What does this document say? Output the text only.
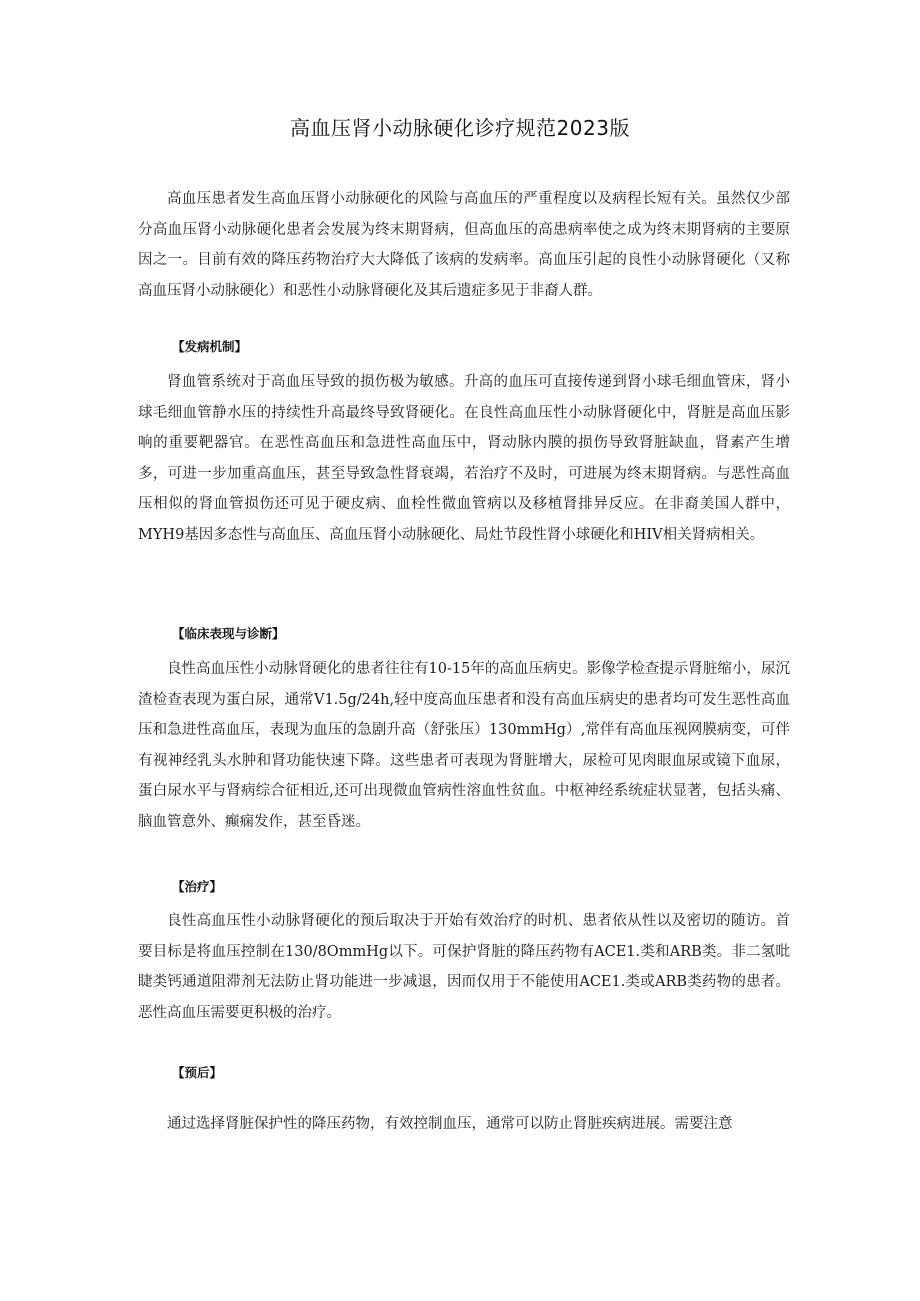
高血压肾小动脉硬化诊疗规范2023版

高血压患者发生高血压肾小动脉硬化的风险与高血压的严重程度以及病程长短有关。虽然仅少部分高血压肾小动脉硬化患者会发展为终末期肾病，但高血压的高患病率使之成为终末期肾病的主要原因之一。目前有效的降压药物治疗大大降低了该病的发病率。高血压引起的良性小动脉肾硬化（又称高血压肾小动脉硬化）和恶性小动脉肾硬化及其后遗症多见于非裔人群。

【发病机制】

肾血管系统对于高血压导致的损伤极为敏感。升高的血压可直接传递到肾小球毛细血管床，肾小球毛细血管静水压的持续性升高最终导致肾硬化。在良性高血压性小动脉肾硬化中，肾脏是高血压影响的重要靶器官。在恶性高血压和急进性高血压中，肾动脉内膜的损伤导致肾脏缺血，肾素产生增多，可进一步加重高血压，甚至导致急性肾衰竭，若治疗不及时，可进展为终末期肾病。与恶性高血压相似的肾血管损伤还可见于硬皮病、血栓性微血管病以及移植肾排异反应。在非裔美国人群中，MYH9基因多态性与高血压、高血压肾小动脉硬化、局灶节段性肾小球硬化和HIV相关肾病相关。

【临床表现与诊断】

良性高血压性小动脉肾硬化的患者往往有10-15年的高血压病史。影像学检查提示肾脏缩小，尿沉渣检查表现为蛋白尿，通常V1.5g/24h,轻中度高血压患者和没有高血压病史的患者均可发生恶性高血压和急进性高血压，表现为血压的急剧升高（舒张压）130mmHg）,常伴有高血压视网膜病变，可伴有视神经乳头水肿和肾功能快速下降。这些患者可表现为肾脏增大，尿检可见肉眼血尿或镜下血尿，蛋白尿水平与肾病综合征相近,还可出现微血管病性溶血性贫血。中枢神经系统症状显著，包括头痛、脑血管意外、癫痫发作，甚至昏迷。

【治疗】

良性高血压性小动脉肾硬化的预后取决于开始有效治疗的时机、患者依从性以及密切的随访。首要目标是将血压控制在130/8OmmHg以下。可保护肾脏的降压药物有ACE1.类和ARB类。非二氢吡睫类钙通道阻滞剂无法防止肾功能进一步减退，因而仅用于不能使用ACE1.类或ARB类药物的患者。恶性高血压需要更积极的治疗。

【预后】

通过选择肾脏保护性的降压药物，有效控制血压，通常可以防止肾脏疾病进展。需要注意
